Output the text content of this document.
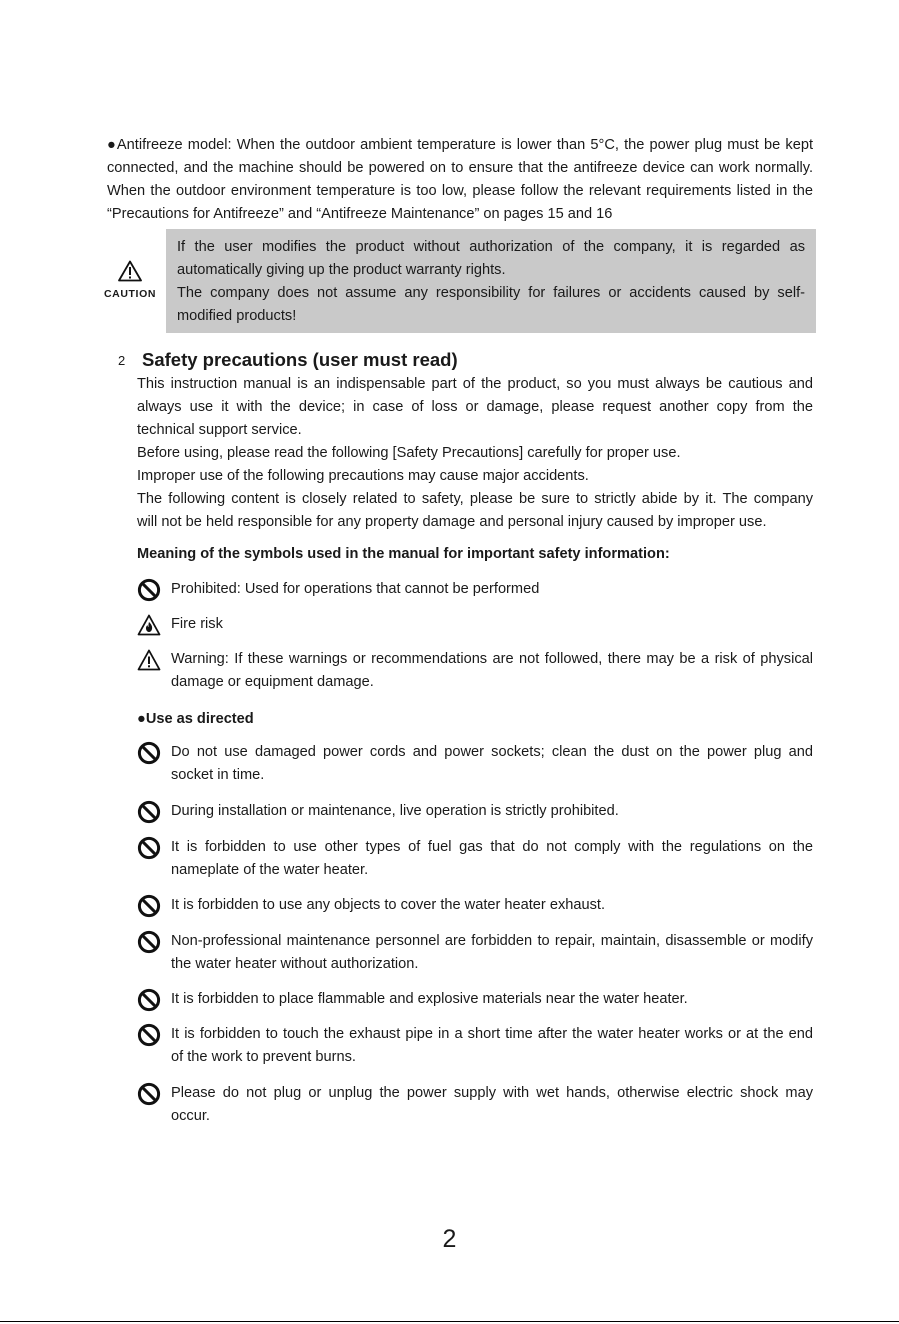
●Antifreeze model: When the outdoor ambient temperature is lower than 5°C, the power plug must be kept
connected, and the machine should be powered on to ensure that the antifreeze device can work normally.
When the outdoor environment temperature is too low, please follow the relevant requirements listed in the
“Precautions for Antifreeze” and “Antifreeze Maintenance” on pages 15 and 16
CAUTION
If the user modifies the product without authorization of the company, it is regarded as
automatically giving up the product warranty rights.
The company does not assume any responsibility for failures or accidents caused by self-
modified products!
2 Safety precautions (user must read)
This instruction manual is an indispensable part of the product, so you must always be cautious and
always use it with the device; in case of loss or damage, please request another copy from the
technical support service.
Before using, please read the following [Safety Precautions] carefully for proper use.
Improper use of the following precautions may cause major accidents.
The following content is closely related to safety, please be sure to strictly abide by it. The company
will not be held responsible for any property damage and personal injury caused by improper use.
Meaning of the symbols used in the manual for important safety information:
Prohibited: Used for operations that cannot be performed
Fire risk
Warning: If these warnings or recommendations are not followed, there may be a risk of physical
damage or equipment damage.
●Use as directed
Do not use damaged power cords and power sockets; clean the dust on the power plug and
socket in time.
During installation or maintenance, live operation is strictly prohibited.
It is forbidden to use other types of fuel gas that do not comply with the regulations on the
nameplate of the water heater.
It is forbidden to use any objects to cover the water heater exhaust.
Non-professional maintenance personnel are forbidden to repair, maintain, disassemble or modify
the water heater without authorization.
It is forbidden to place flammable and explosive materials near the water heater.
It is forbidden to touch the exhaust pipe in a short time after the water heater works or at the end
of the work to prevent burns.
Please do not plug or unplug the power supply with wet hands, otherwise electric shock may
occur.
2
